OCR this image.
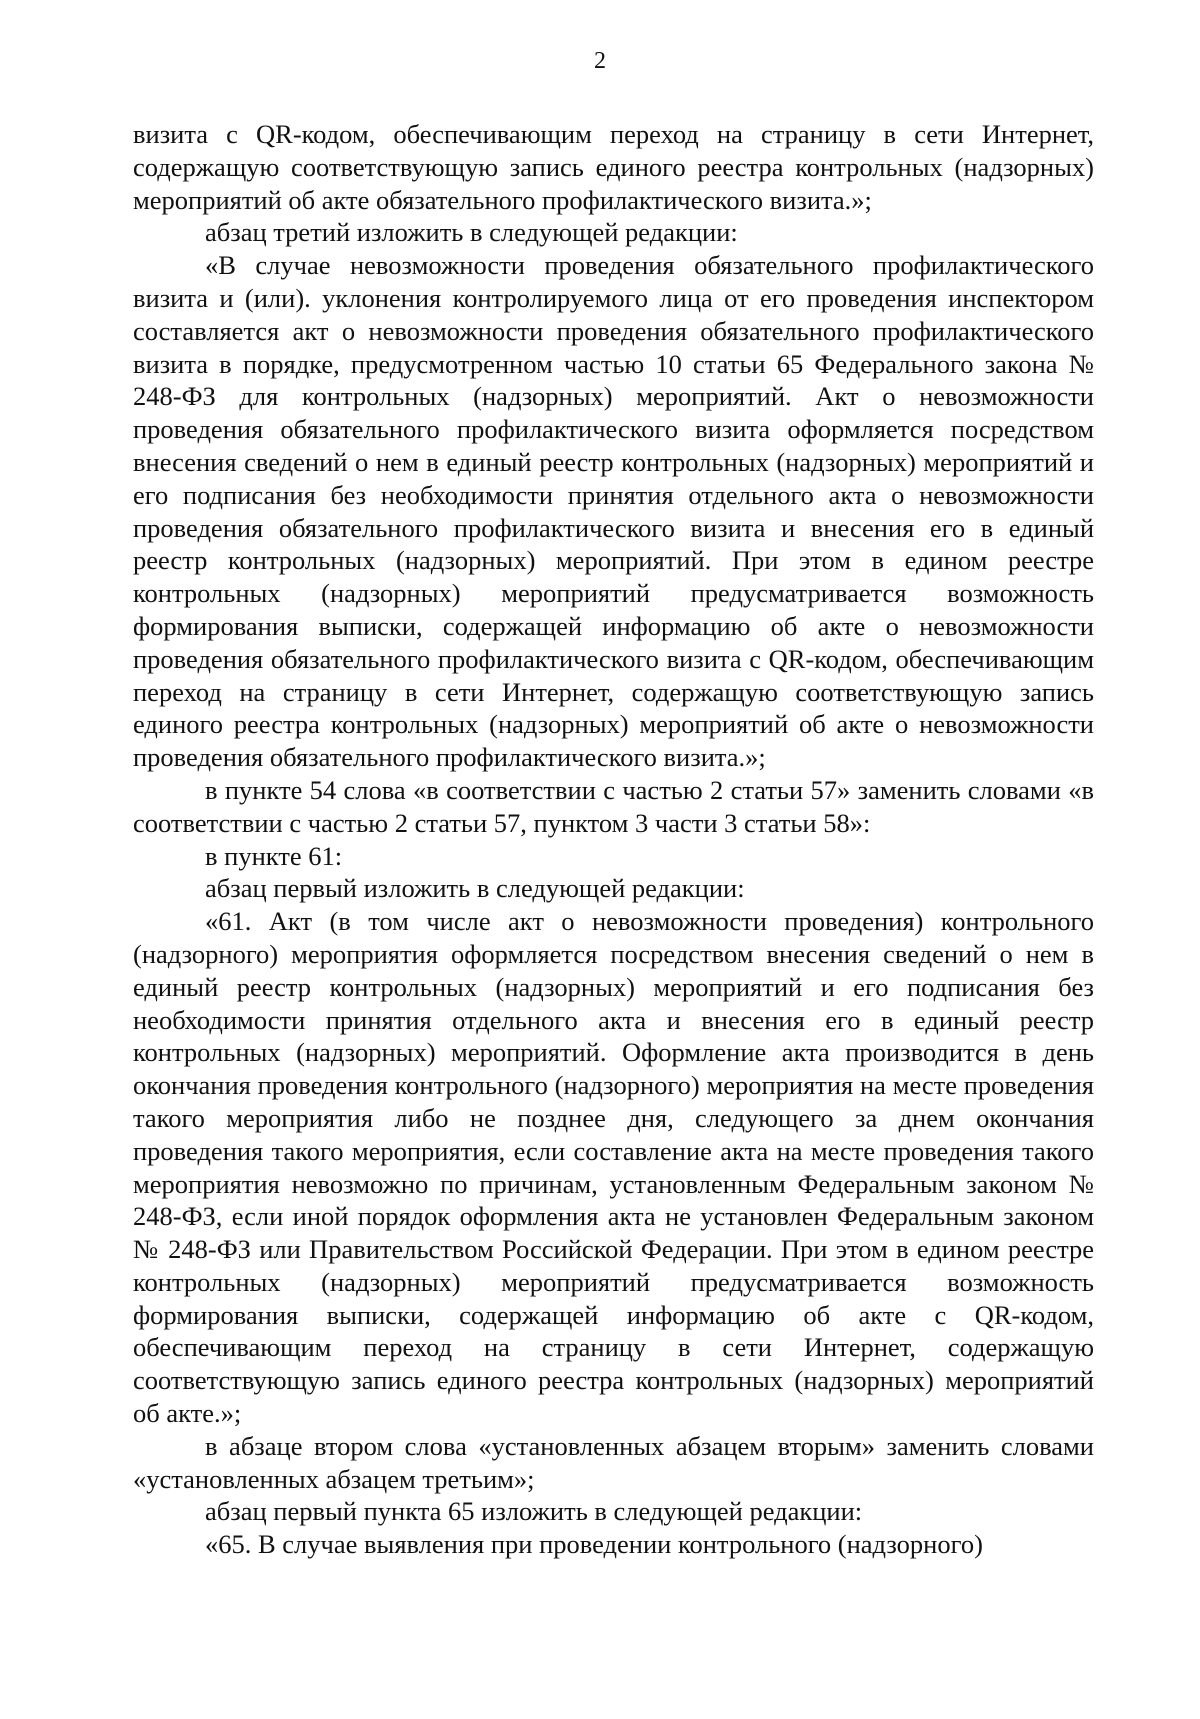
2

визита с QR-кодом, обеспечивающим переход на страницу в сети Интернет, содержащую соответствующую запись единого реестра контрольных (надзорных) мероприятий об акте обязательного профилактического визита.»;

абзац третий изложить в следующей редакции:

«В случае невозможности проведения обязательного профилактического визита и (или). уклонения контролируемого лица от его проведения инспектором составляется акт о невозможности проведения обязательного профилактического визита в порядке, предусмотренном частью 10 статьи 65 Федерального закона № 248-ФЗ для контрольных (надзорных) мероприятий. Акт о невозможности проведения обязательного профилактического визита оформляется посредством внесения сведений о нем в единый реестр контрольных (надзорных) мероприятий и его подписания без необходимости принятия отдельного акта о невозможности проведения обязательного профилактического визита и внесения его в единый реестр контрольных (надзорных) мероприятий. При этом в едином реестре контрольных (надзорных) мероприятий предусматривается возможность формирования выписки, содержащей информацию об акте о невозможности проведения обязательного профилактического визита с QR-кодом, обеспечивающим переход на страницу в сети Интернет, содержащую соответствующую запись единого реестра контрольных (надзорных) мероприятий об акте о невозможности проведения обязательного профилактического визита.»;

в пункте 54 слова «в соответствии с частью 2 статьи 57» заменить словами «в соответствии с частью 2 статьи 57, пунктом 3 части 3 статьи 58»:

в пункте 61:

абзац первый изложить в следующей редакции:

«61. Акт (в том числе акт о невозможности проведения) контрольного (надзорного) мероприятия оформляется посредством внесения сведений о нем в единый реестр контрольных (надзорных) мероприятий и его подписания без необходимости принятия отдельного акта и внесения его в единый реестр контрольных (надзорных) мероприятий. Оформление акта производится в день окончания проведения контрольного (надзорного) мероприятия на месте проведения такого мероприятия либо не позднее дня, следующего за днем окончания проведения такого мероприятия, если составление акта на месте проведения такого мероприятия невозможно по причинам, установленным Федеральным законом № 248-ФЗ, если иной порядок оформления акта не установлен Федеральным законом № 248-ФЗ или Правительством Российской Федерации. При этом в едином реестре контрольных (надзорных) мероприятий предусматривается возможность формирования выписки, содержащей информацию об акте с QR-кодом, обеспечивающим переход на страницу в сети Интернет, содержащую соответствующую запись единого реестра контрольных (надзорных) мероприятий об акте.»;

в абзаце втором слова «установленных абзацем вторым» заменить словами «установленных абзацем третьим»;

абзац первый пункта 65 изложить в следующей редакции:

«65. В случае выявления при проведении контрольного (надзорного)
